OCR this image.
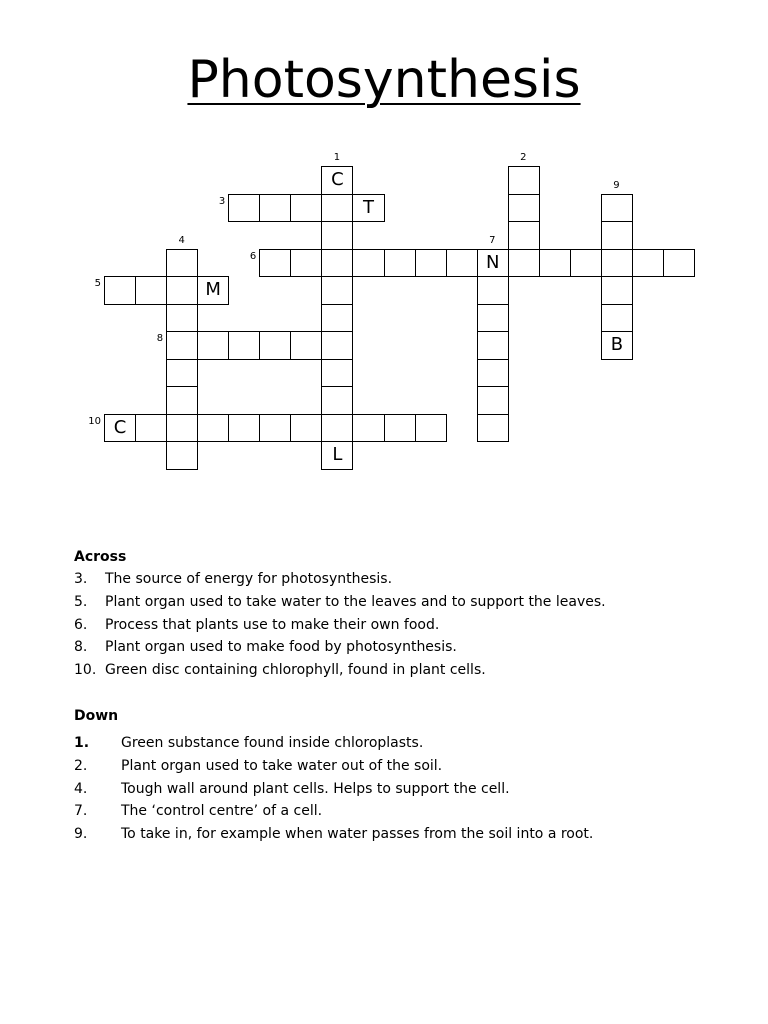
Photosynthesis
C
L
T
M
N
B
C
1	2
3
4
5
6
7
8
9
10
Across
3.	The source of energy for photosynthesis.
5.	Plant organ used to take water to the leaves and to support the leaves.
6.	Process that plants use to make their own food.
8.	Plant organ used to make food by photosynthesis.
10. Green disc containing chlorophyll, found in plant cells.
Down
1.	Green substance found inside chloroplasts.
2.	Plant organ used to take water out of the soil.
4.	Tough wall around plant cells. Helps to support the cell.
7.	The ‘control centre’ of a cell.
9.	To take in, for example when water passes from the soil into a root.
